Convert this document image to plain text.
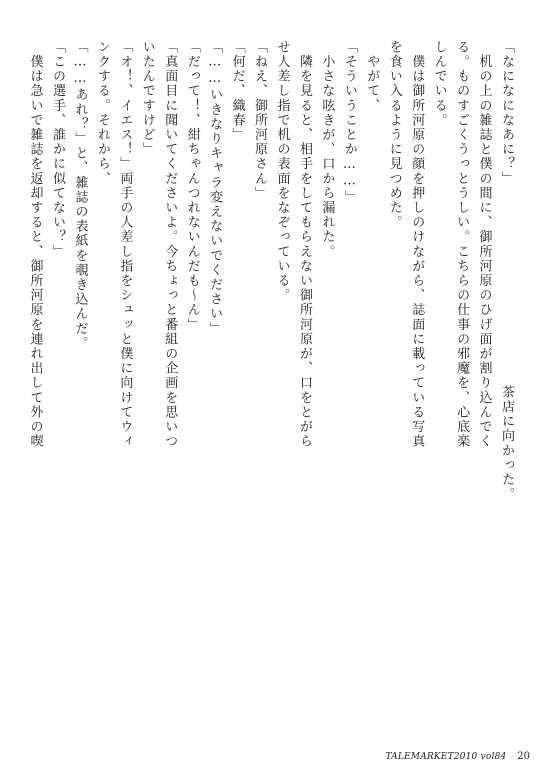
「なになになあに？」
　机の上の雑誌と僕の間に、御所河原のひげ面が割り込んでく
る。ものすごくうっとうしい。こちらの仕事の邪魔を、心底楽
しんでいる。
　僕は御所河原の顔を押しのけながら、誌面に載っている写真
を食い入るように見つめた。
　やがて、
「そういうことか……」
　小さな呟きが、口から漏れた。
　隣を見ると、相手をしてもらえない御所河原が、口をとがら
せ人差し指で机の表面をなぞっている。
「ねえ、御所河原さん」
「何だ、織春」
「……いきなりキャラ変えないでください」
「だって！、紺ちゃんつれないんだも～ん」
「真面目に聞いてくださいよ。今ちょっと番組の企画を思いつ
いたんですけど」
「オ！、イエス！」両手の人差し指をシュッと僕に向けてウィ
ンクする。それから、
「……あれ？」と、雑誌の表紙を覗き込んだ。
「この選手、誰かに似てない？」
　僕は急いで雑誌を返却すると、御所河原を連れ出して外の喫	茶店に向かった。
TALEMARKET2010 vol84 20
